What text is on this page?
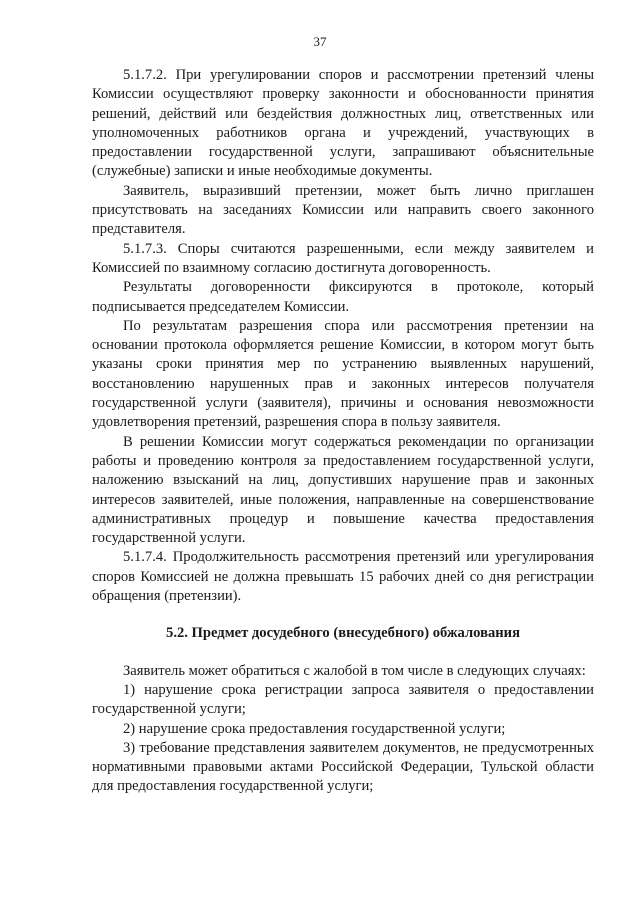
37

5.1.7.2. При урегулировании споров и рассмотрении претензий члены Комиссии осуществляют проверку законности и обоснованности принятия решений, действий или бездействия должностных лиц, ответственных или уполномоченных работников органа и учреждений, участвующих в предоставлении государственной услуги, запрашивают объяснительные (служебные) записки и иные необходимые документы.

Заявитель, выразивший претензии, может быть лично приглашен присутствовать на заседаниях Комиссии или направить своего законного представителя.

5.1.7.3. Споры считаются разрешенными, если между заявителем и Комиссией по взаимному согласию достигнута договоренность.

Результаты договоренности фиксируются в протоколе, который подписывается председателем Комиссии.

По результатам разрешения спора или рассмотрения претензии на основании протокола оформляется решение Комиссии, в котором могут быть указаны сроки принятия мер по устранению выявленных нарушений, восстановлению нарушенных прав и законных интересов получателя государственной услуги (заявителя), причины и основания невозможности удовлетворения претензий, разрешения спора в пользу заявителя.

В решении Комиссии могут содержаться рекомендации по организации работы и проведению контроля за предоставлением государственной услуги, наложению взысканий на лиц, допустивших нарушение прав и законных интересов заявителей, иные положения, направленные на совершенствование административных процедур и повышение качества предоставления государственной услуги.

5.1.7.4. Продолжительность рассмотрения претензий или урегулирования споров Комиссией не должна превышать 15 рабочих дней со дня регистрации обращения (претензии).

5.2. Предмет досудебного (внесудебного) обжалования

Заявитель может обратиться с жалобой в том числе в следующих случаях:

1) нарушение срока регистрации запроса заявителя о предоставлении государственной услуги;

2) нарушение срока предоставления государственной услуги;

3) требование представления заявителем документов, не предусмотренных нормативными правовыми актами Российской Федерации, Тульской области для предоставления государственной услуги;
